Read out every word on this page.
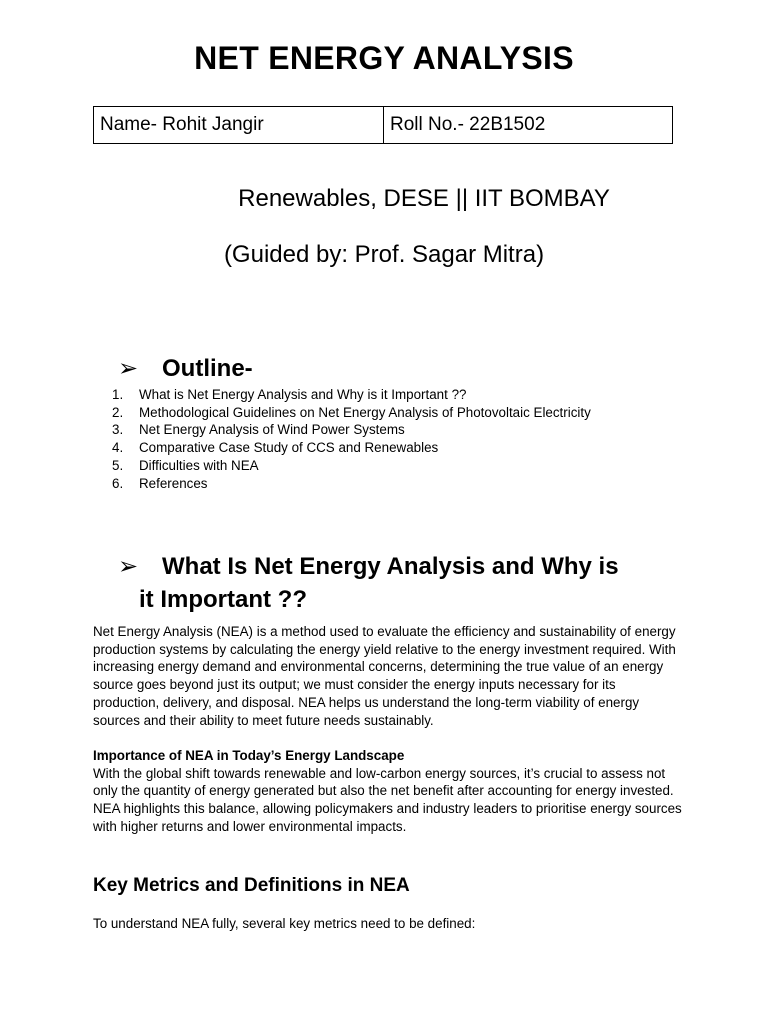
NET ENERGY ANALYSIS
Name- Rohit Jangir	Roll No.- 22B1502
Renewables, DESE || IIT BOMBAY
(Guided by: Prof. Sagar Mitra)
➢ Outline-
1.	What is Net Energy Analysis and Why is it Important ??
2.	Methodological Guidelines on Net Energy Analysis of Photovoltaic Electricity
3.	Net Energy Analysis of Wind Power Systems
4.	Comparative Case Study of CCS and Renewables
5.	Difficulties with NEA
6.	References
➢ What Is Net Energy Analysis and Why is
it Important ??
Net Energy Analysis (NEA) is a method used to evaluate the efficiency and sustainability of energy production systems by calculating the energy yield relative to the energy investment required. With increasing energy demand and environmental concerns, determining the true value of an energy source goes beyond just its output; we must consider the energy inputs necessary for its production, delivery, and disposal. NEA helps us understand the long-term viability of energy sources and their ability to meet future needs sustainably.
Importance of NEA in Today’s Energy Landscape
With the global shift towards renewable and low-carbon energy sources, it’s crucial to assess not only the quantity of energy generated but also the net benefit after accounting for energy invested. NEA highlights this balance, allowing policymakers and industry leaders to prioritise energy sources with higher returns and lower environmental impacts.
Key Metrics and Definitions in NEA
To understand NEA fully, several key metrics need to be defined:
